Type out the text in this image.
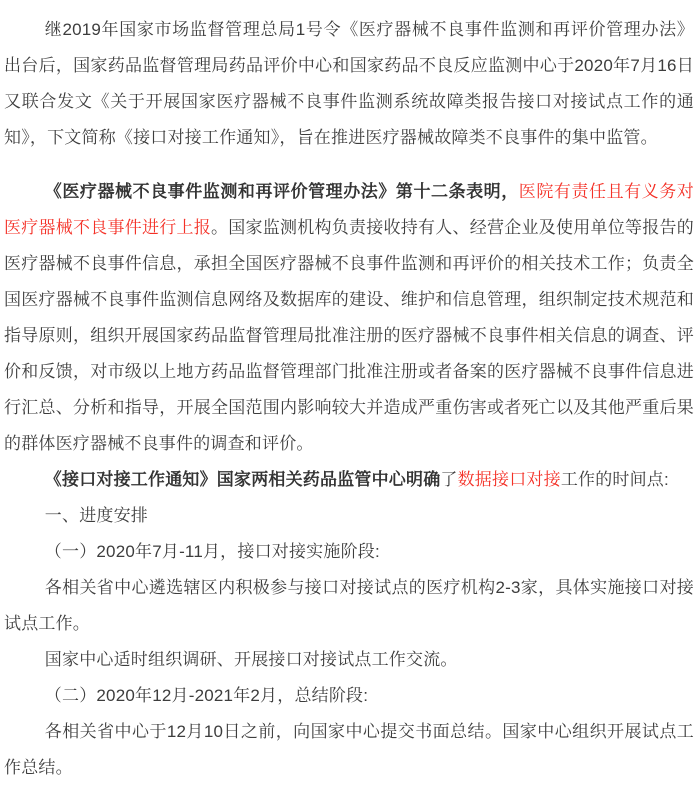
继2019年国家市场监督管理总局1号令《医疗器械不良事件监测和再评价管理办法》出台后，国家药品监督管理局药品评价中心和国家药品不良反应监测中心于2020年7月16日又联合发文《关于开展国家医疗器械不良事件监测系统故障类报告接口对接试点工作的通知》，下文简称《接口对接工作通知》，旨在推进医疗器械故障类不良事件的集中监管。

《医疗器械不良事件监测和再评价管理办法》第十二条表明，医院有责任且有义务对医疗器械不良事件进行上报。国家监测机构负责接收持有人、经营企业及使用单位等报告的医疗器械不良事件信息，承担全国医疗器械不良事件监测和再评价的相关技术工作；负责全国医疗器械不良事件监测信息网络及数据库的建设、维护和信息管理，组织制定技术规范和指导原则，组织开展国家药品监督管理局批准注册的医疗器械不良事件相关信息的调查、评价和反馈，对市级以上地方药品监督管理部门批准注册或者备案的医疗器械不良事件信息进行汇总、分析和指导，开展全国范围内影响较大并造成严重伤害或者死亡以及其他严重后果的群体医疗器械不良事件的调查和评价。

《接口对接工作通知》国家两相关药品监管中心明确了数据接口对接工作的时间点:

一、进度安排

（一）2020年7月-11月，接口对接实施阶段:

各相关省中心遴选辖区内积极参与接口对接试点的医疗机构2-3家，具体实施接口对接试点工作。

国家中心适时组织调研、开展接口对接试点工作交流。

（二）2020年12月-2021年2月，总结阶段:

各相关省中心于12月10日之前，向国家中心提交书面总结。国家中心组织开展试点工作总结。
